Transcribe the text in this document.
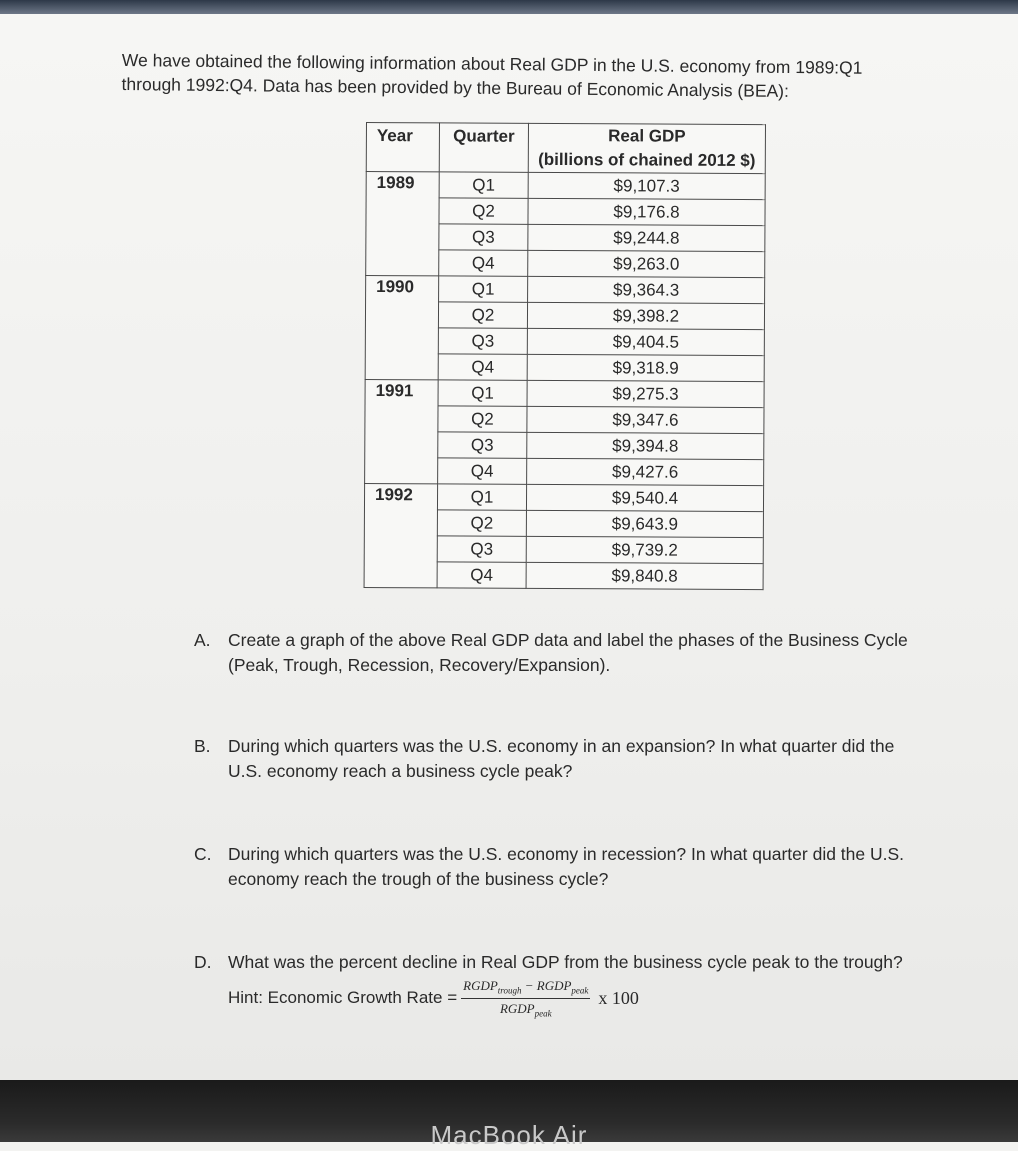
We have obtained the following information about Real GDP in the U.S. economy from 1989:Q1
through 1992:Q4. Data has been provided by the Bureau of Economic Analysis (BEA):
Year	Quarter	Real GDP
(billions of chained 2012 $)

1989	Q1	$9,107.3
	Q2	$9,176.8
	Q3	$9,244.8
	Q4	$9,263.0
1990	Q1	$9,364.3
	Q2	$9,398.2
	Q3	$9,404.5
	Q4	$9,318.9
1991	Q1	$9,275.3
	Q2	$9,347.6
	Q3	$9,394.8
	Q4	$9,427.6
1992	Q1	$9,540.4
	Q2	$9,643.9
	Q3	$9,739.2
	Q4	$9,840.8
A. Create a graph of the above Real GDP data and label the phases of the Business Cycle
(Peak, Trough, Recession, Recovery/Expansion).
B. During which quarters was the U.S. economy in an expansion? In what quarter did the
U.S. economy reach a business cycle peak?
C. During which quarters was the U.S. economy in recession? In what quarter did the U.S.
economy reach the trough of the business cycle?
D. What was the percent decline in Real GDP from the business cycle peak to the trough?
Hint: Economic Growth Rate = $\frac{RGDP_{trough} - RGDP_{peak}}{RGDP_{peak}}$ x 100
MacBook Air
